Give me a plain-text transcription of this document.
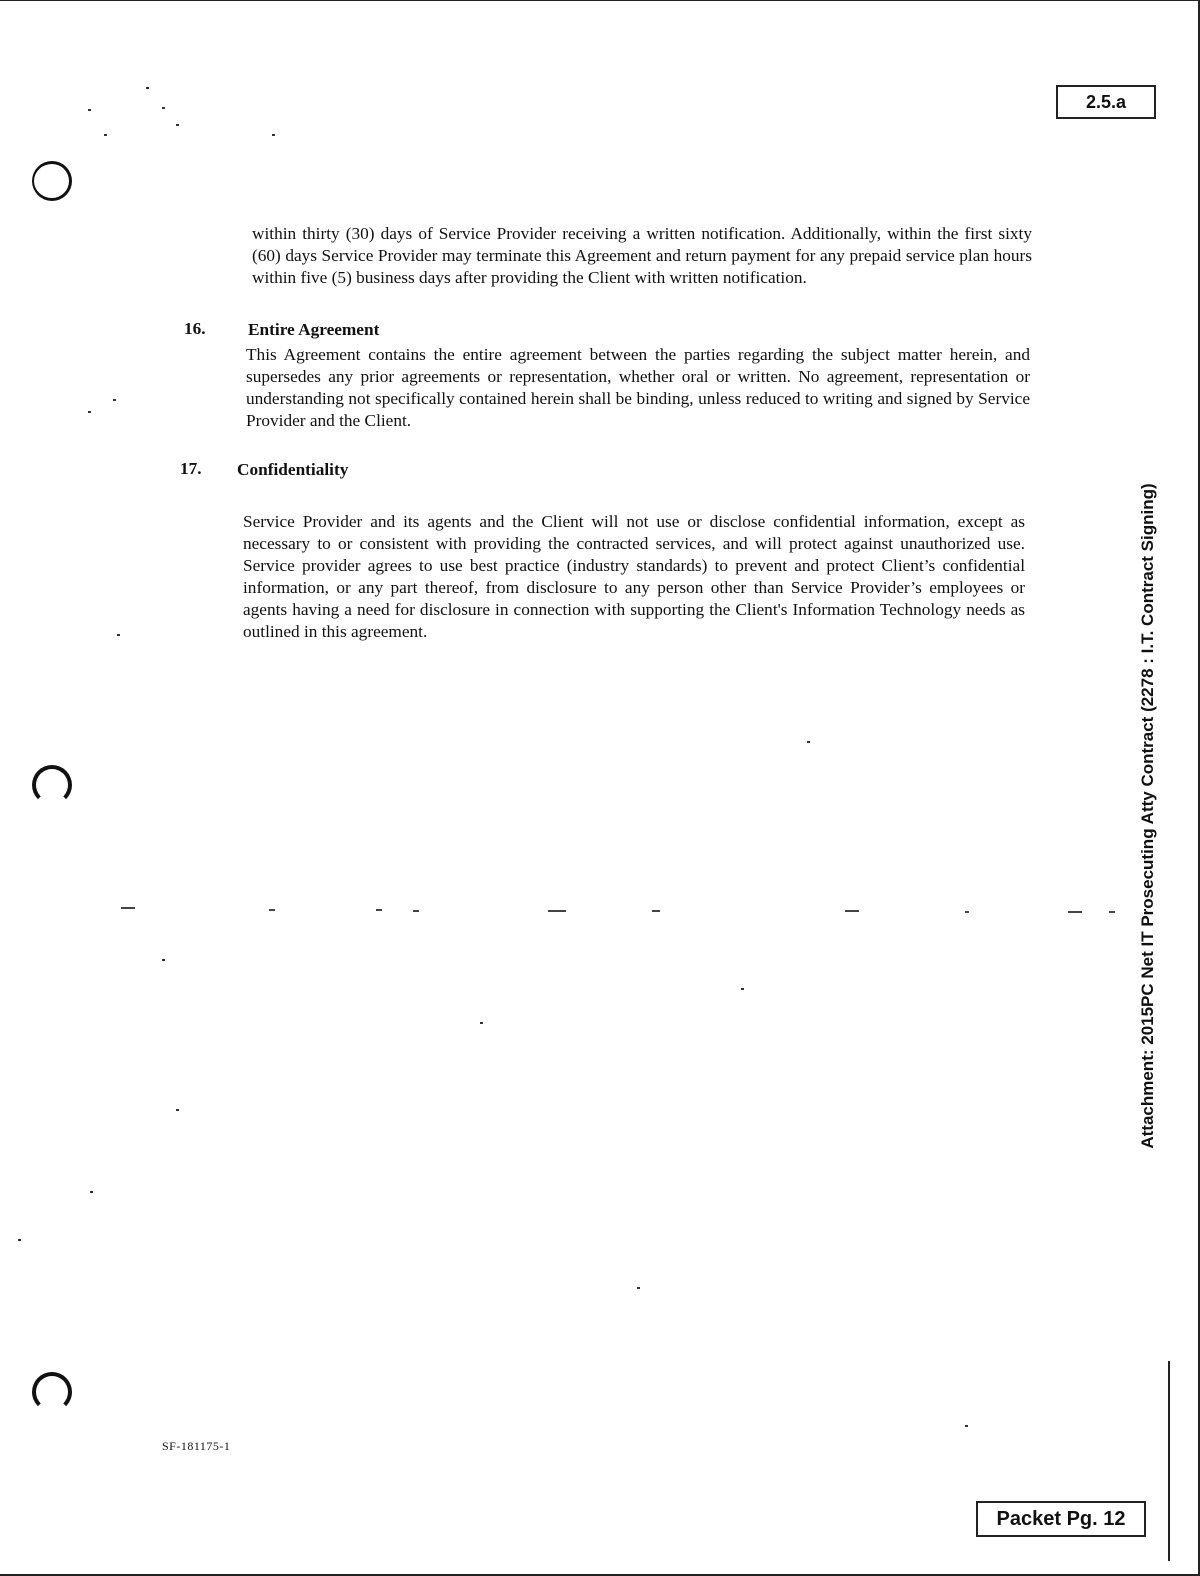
2.5.a

within thirty (30) days of Service Provider receiving a written notification. Additionally, within the first sixty (60) days Service Provider may terminate this Agreement and return payment for any prepaid service plan hours within five (5) business days after providing the Client with written notification.

16. Entire Agreement

This Agreement contains the entire agreement between the parties regarding the subject matter herein, and supersedes any prior agreements or representation, whether oral or written. No agreement, representation or understanding not specifically contained herein shall be binding, unless reduced to writing and signed by Service Provider and the Client.

17. Confidentiality

Service Provider and its agents and the Client will not use or disclose confidential information, except as necessary to or consistent with providing the contracted services, and will protect against unauthorized use. Service provider agrees to use best practice (industry standards) to prevent and protect Client’s confidential information, or any part thereof, from disclosure to any person other than Service Provider’s employees or agents having a need for disclosure in connection with supporting the Client's Information Technology needs as outlined in this agreement.	Attachment: 2015PC Net IT Prosecuting Atty Contract (2278 : I.T. Contract Signing)
SF-181175-1
Packet Pg. 12
